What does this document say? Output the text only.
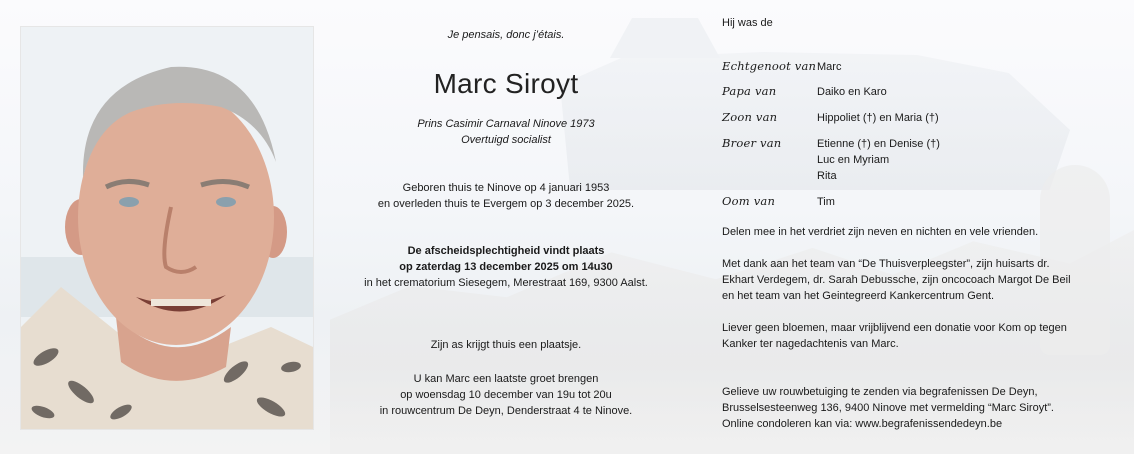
Je pensais, donc j’étais.
Marc Siroyt
Prins Casimir Carnaval Ninove 1973
Overtuigd socialist
Geboren thuis te Ninove op 4 januari 1953
en overleden thuis te Evergem op 3 december 2025.
De afscheidsplechtigheid vindt plaats
op zaterdag 13 december 2025 om 14u30
in het crematorium Siesegem, Merestraat 169, 9300 Aalst.
Zijn as krijgt thuis een plaatsje.
U kan Marc een laatste groet brengen
op woensdag 10 december van 19u tot 20u
in rouwcentrum De Deyn, Denderstraat 4 te Ninove.
Hij was de
Echtgenoot van Marc
Papa van	Daiko en Karo
Zoon van	Hippoliet (†) en Maria (†)
Broer van	Etienne (†) en Denise (†)
Luc en Myriam
Rita
Oom van	Tim
Delen mee in het verdriet zijn neven en nichten en vele vrienden.
Met dank aan het team van “De Thuisverpleegster”, zijn huisarts dr.
Ekhart Verdegem, dr. Sarah Debussche, zijn oncocoach Margot De Beil
en het team van het Geintegreerd Kankercentrum Gent.
Liever geen bloemen, maar vrijblijvend een donatie voor Kom op tegen
Kanker ter nagedachtenis van Marc.
Gelieve uw rouwbetuiging te zenden via begrafenissen De Deyn,
Brusselsesteenweg 136, 9400 Ninove met vermelding “Marc Siroyt”.
Online condoleren kan via: www.begrafenissendedeyn.be
